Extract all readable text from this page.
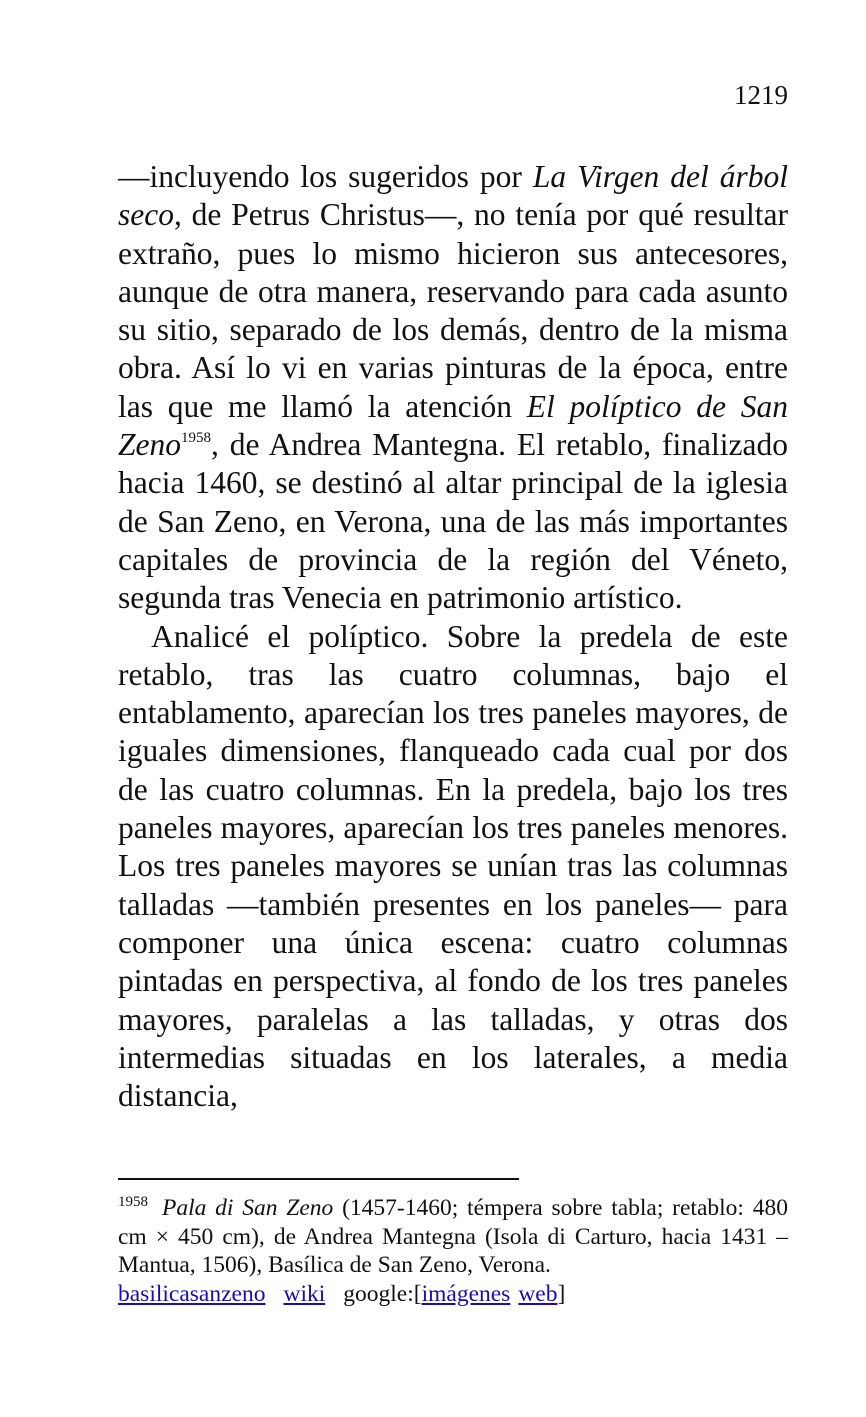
1219

—incluyendo los sugeridos por La Virgen del árbol seco, de Petrus Christus—, no tenía por qué resultar extraño, pues lo mismo hicieron sus antecesores, aunque de otra manera, reservando para cada asunto su sitio, separado de los demás, dentro de la misma obra. Así lo vi en varias pinturas de la época, entre las que me llamó la atención El políptico de San Zeno$^{1958}$, de Andrea Mantegna. El retablo, finalizado hacia 1460, se destinó al altar principal de la iglesia de San Zeno, en Verona, una de las más importantes capitales de provincia de la región del Véneto, segunda tras Venecia en patrimonio artístico.

Analicé el políptico. Sobre la predela de este retablo, tras las cuatro columnas, bajo el entablamento, aparecían los tres paneles mayores, de iguales dimensiones, flanqueado cada cual por dos de las cuatro columnas. En la predela, bajo los tres paneles mayores, aparecían los tres paneles menores. Los tres paneles mayores se unían tras las columnas talladas —también presentes en los paneles— para componer una única escena: cuatro columnas pintadas en perspectiva, al fondo de los tres paneles mayores, paralelas a las talladas, y otras dos intermedias situadas en los laterales, a media distancia,

$^{1958}$ Pala di San Zeno (1457-1460; témpera sobre tabla; retablo: 480 cm × 450 cm), de Andrea Mantegna (Isola di Carturo, hacia 1431 – Mantua, 1506), Basílica de San Zeno, Verona.

basilicasanzeno wiki google:[imágenes web]
